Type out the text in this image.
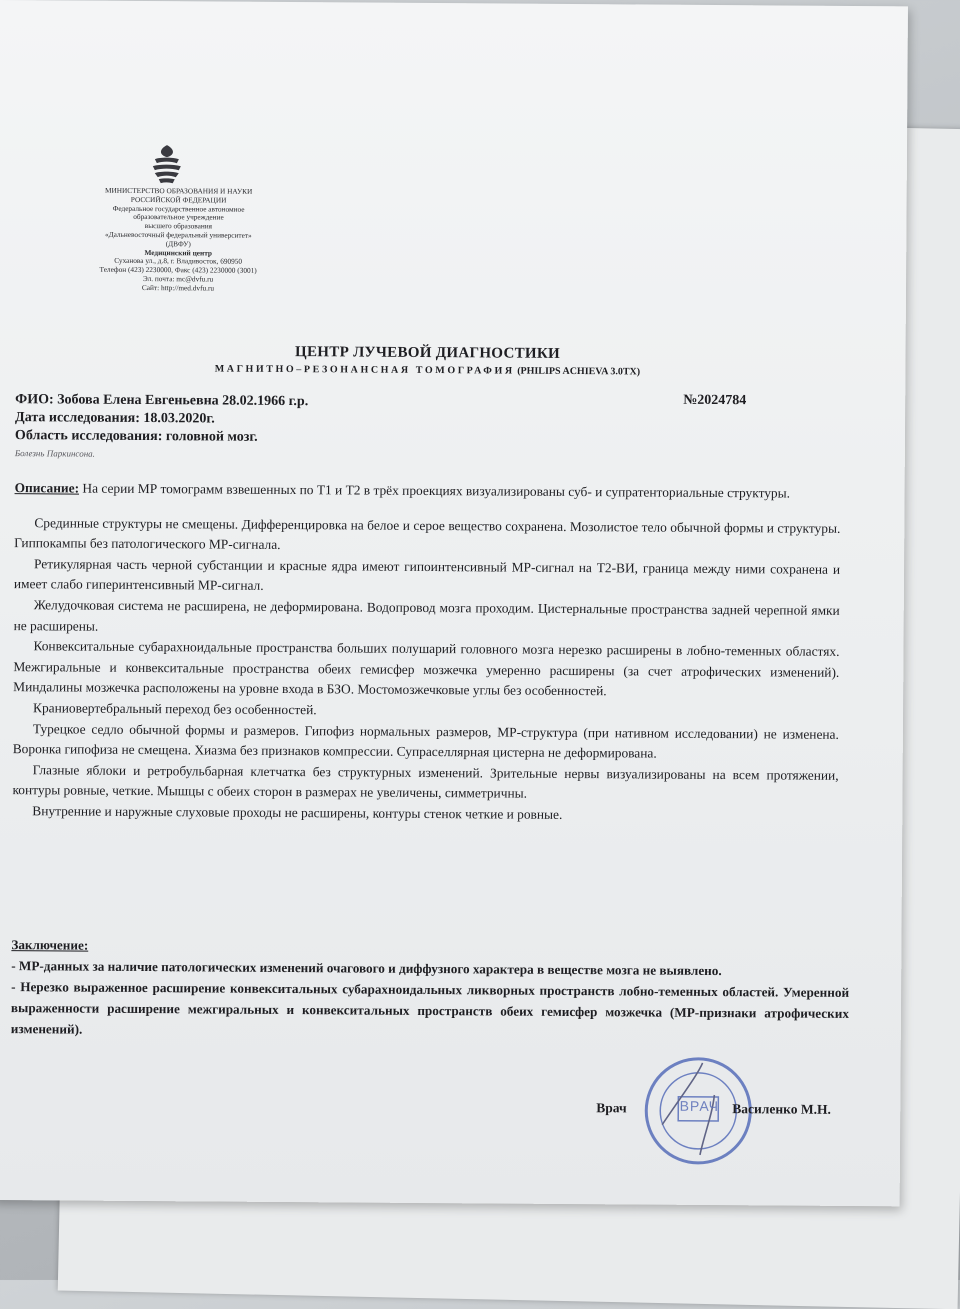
МИНИСТЕРСТВО ОБРАЗОВАНИЯ И НАУКИ
РОССИЙСКОЙ ФЕДЕРАЦИИ
Федеральное государственное автономное
образовательное учреждение
высшего образования
«Дальневосточный федеральный университет»
(ДВФУ)
Медицинский центр
Суханова ул., д.8, г. Владивосток, 690950
Телефон (423) 2230000, Факс (423) 2230000 (3001)
Эл. почта: mc@dvfu.ru
Сайт: http://med.dvfu.ru
ЦЕНТР ЛУЧЕВОЙ ДИАГНОСТИКИ
МАГНИТНО–РЕЗОНАНСНАЯ ТОМОГРАФИЯ (PHILIPS ACHIEVA 3.0TX)
ФИО: Зобова Елена Евгеньевна 28.02.1966 г.р.
Дата исследования: 18.03.2020г.
Область исследования: головной мозг.
№2024784
Болезнь Паркинсона.

Описание: На серии МР томограмм взвешенных по Т1 и Т2 в трёх проекциях визуализированы суб- и супратенториальные структуры.

Срединные структуры не смещены. Дифференцировка на белое и серое вещество сохранена. Мозолистое тело обычной формы и структуры. Гиппокампы без патологического МР-сигнала.

Ретикулярная часть черной субстанции и красные ядра имеют гипоинтенсивный МР-сигнал на Т2-ВИ, граница между ними сохранена и имеет слабо гиперинтенсивный МР-сигнал.

Желудочковая система не расширена, не деформирована. Водопровод мозга проходим. Цистернальные пространства задней черепной ямки не расширены.

Конвекситальные субарахноидальные пространства больших полушарий головного мозга нерезко расширены в лобно-теменных областях. Межгиральные и конвекситальные пространства обеих гемисфер мозжечка умеренно расширены (за счет атрофических изменений). Миндалины мозжечка расположены на уровне входа в БЗО. Мостомозжечковые углы без особенностей.

Краниовертебральный переход без особенностей.

Турецкое седло обычной формы и размеров. Гипофиз нормальных размеров, МР-структура (при нативном исследовании) не изменена. Воронка гипофиза не смещена. Хиазма без признаков компрессии. Супраселлярная цистерна не деформирована.

Глазные яблоки и ретробульбарная клетчатка без структурных изменений. Зрительные нервы визуализированы на всем протяжении, контуры ровные, четкие. Мышцы с обеих сторон в размерах не увеличены, симметричны.

Внутренние и наружные слуховые проходы не расширены, контуры стенок четкие и ровные.

Заключение:

- МР-данных за наличие патологических изменений очагового и диффузного характера в веществе мозга не выявлено.

- Нерезко выраженное расширение конвекситальных субарахноидальных ликворных пространств лобно-теменных областей. Умеренной выраженности расширение межгиральных и конвекситальных пространств обеих гемисфер мозжечка (МР-признаки атрофических изменений).

ВРАЧ
Врач	Василенко М.Н.
